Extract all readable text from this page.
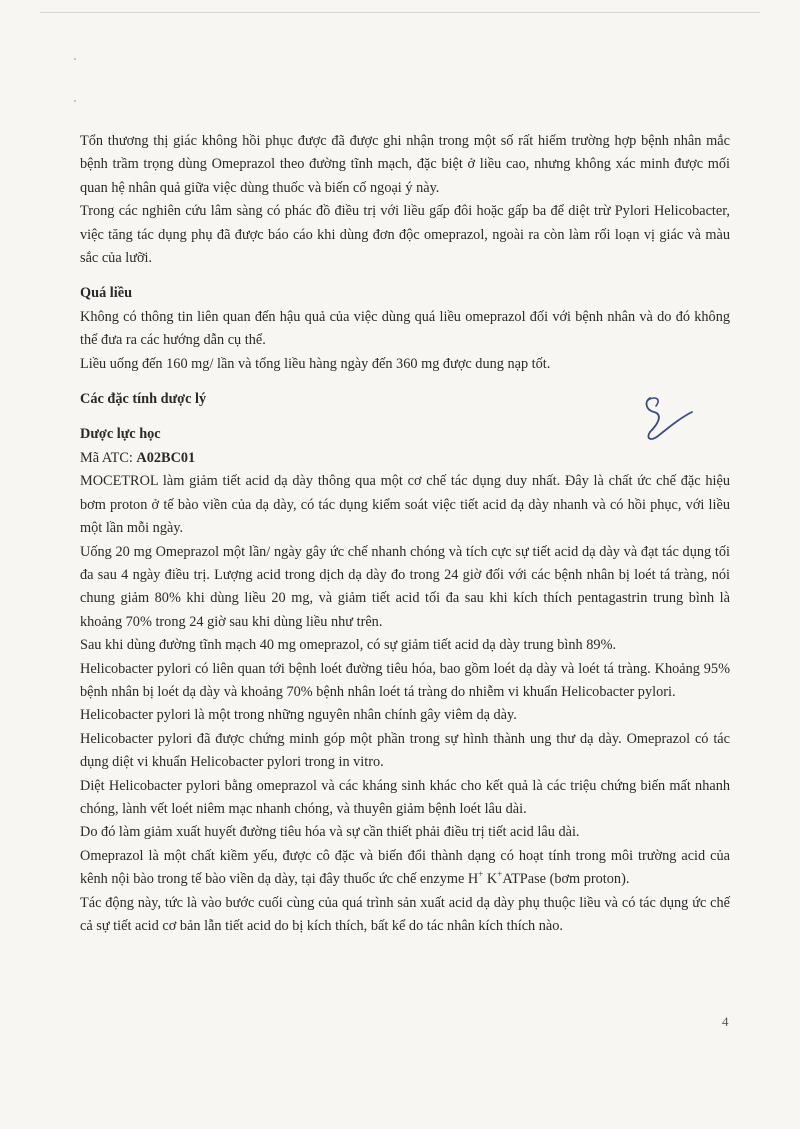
Tổn thương thị giác không hồi phục được đã được ghi nhận trong một số rất hiếm trường hợp bệnh nhân mắc bệnh trầm trọng dùng Omeprazol theo đường tĩnh mạch, đặc biệt ở liều cao, nhưng không xác minh được mối quan hệ nhân quả giữa việc dùng thuốc và biến cố ngoại ý này.

Trong các nghiên cứu lâm sàng có phác đồ điều trị với liều gấp đôi hoặc gấp ba để diệt trừ Pylori Helicobacter, việc tăng tác dụng phụ đã được báo cáo khi dùng đơn độc omeprazol, ngoài ra còn làm rối loạn vị giác và màu sắc của lưỡi.

Quá liều

Không có thông tin liên quan đến hậu quả của việc dùng quá liều omeprazol đối với bệnh nhân và do đó không thể đưa ra các hướng dẫn cụ thể.

Liều uống đến 160 mg/ lần và tổng liều hàng ngày đến 360 mg được dung nạp tốt.

Các đặc tính dược lý

Dược lực học

Mã ATC: A02BC01

MOCETROL làm giảm tiết acid dạ dày thông qua một cơ chế tác dụng duy nhất. Đây là chất ức chế đặc hiệu bơm proton ở tế bào viền của dạ dày, có tác dụng kiểm soát việc tiết acid dạ dày nhanh và có hồi phục, với liều một lần mỗi ngày.

Uống 20 mg Omeprazol một lần/ ngày gây ức chế nhanh chóng và tích cực sự tiết acid dạ dày và đạt tác dụng tối đa sau 4 ngày điều trị. Lượng acid trong dịch dạ dày đo trong 24 giờ đối với các bệnh nhân bị loét tá tràng, nói chung giảm 80% khi dùng liều 20 mg, và giảm tiết acid tối đa sau khi kích thích pentagastrin trung bình là khoảng 70% trong 24 giờ sau khi dùng liều như trên.

Sau khi dùng đường tĩnh mạch 40 mg omeprazol, có sự giảm tiết acid dạ dày trung bình 89%.

Helicobacter pylori có liên quan tới bệnh loét đường tiêu hóa, bao gồm loét dạ dày và loét tá tràng. Khoảng 95% bệnh nhân bị loét dạ dày và khoảng 70% bệnh nhân loét tá tràng do nhiễm vi khuẩn Helicobacter pylori.

Helicobacter pylori là một trong những nguyên nhân chính gây viêm dạ dày.

Helicobacter pylori đã được chứng minh góp một phần trong sự hình thành ung thư dạ dày. Omeprazol có tác dụng diệt vi khuẩn Helicobacter pylori trong in vitro.

Diệt Helicobacter pylori bằng omeprazol và các kháng sinh khác cho kết quả là các triệu chứng biến mất nhanh chóng, lành vết loét niêm mạc nhanh chóng, và thuyên giảm bệnh loét lâu dài.

Do đó làm giảm xuất huyết đường tiêu hóa và sự cần thiết phải điều trị tiết acid lâu dài.

Omeprazol là một chất kiềm yếu, được cô đặc và biến đổi thành dạng có hoạt tính trong môi trường acid của kênh nội bào trong tế bào viền dạ dày, tại đây thuốc ức chế enzyme H+ K+ATPase (bơm proton).

Tác động này, tức là vào bước cuối cùng của quá trình sản xuất acid dạ dày phụ thuộc liều và có tác dụng ức chế cả sự tiết acid cơ bản lẫn tiết acid do bị kích thích, bất kể do tác nhân kích thích nào.

4
